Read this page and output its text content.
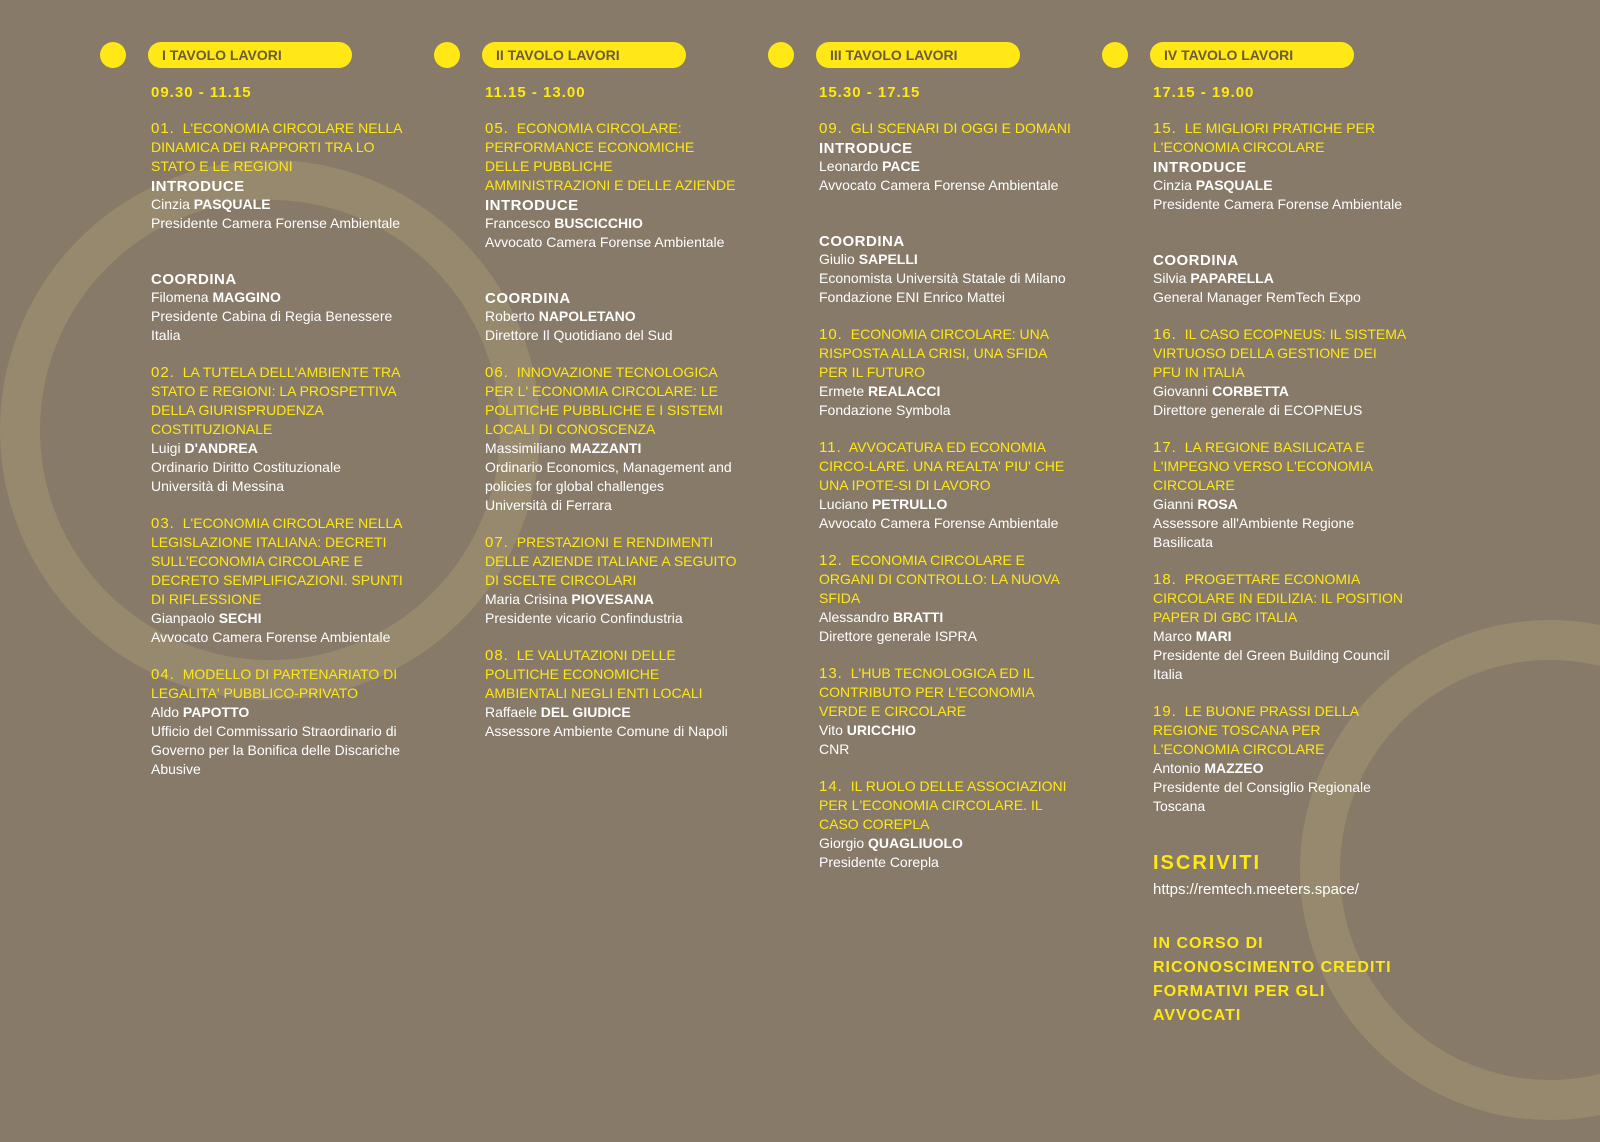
I TAVOLO LAVORI
09.30 - 11.15
01. L'ECONOMIA CIRCOLARE NELLA DINAMICA DEI RAPPORTI TRA LO STATO E LE REGIONI
INTRODUCE
Cinzia PASQUALE
Presidente Camera Forense Ambientale
COORDINA
Filomena MAGGINO
Presidente Cabina di Regia Benessere Italia
02. LA TUTELA DELL'AMBIENTE TRA STATO E REGIONI: LA PROSPETTIVA DELLA GIURISPRUDENZA COSTITUZIONALE
Luigi D'ANDREA
Ordinario Diritto Costituzionale
Università di Messina
03. L'ECONOMIA CIRCOLARE NELLA LEGISLAZIONE ITALIANA: DECRETI SULL'ECONOMIA CIRCOLARE E DECRETO SEMPLIFICAZIONI. SPUNTI DI RIFLESSIONE
Gianpaolo SECHI
Avvocato Camera Forense Ambientale
04. MODELLO DI PARTENARIATO DI LEGALITA' PUBBLICO-PRIVATO
Aldo PAPOTTO
Ufficio del Commissario Straordinario di Governo per la Bonifica delle Discariche Abusive
II TAVOLO LAVORI
11.15 - 13.00
05. ECONOMIA CIRCOLARE: PERFORMANCE ECONOMICHE DELLE PUBBLICHE AMMINISTRAZIONI E DELLE AZIENDE
INTRODUCE
Francesco BUSCICCHIO
Avvocato Camera Forense Ambientale
COORDINA
Roberto NAPOLETANO
Direttore Il Quotidiano del Sud
06. INNOVAZIONE TECNOLOGICA PER L' ECONOMIA CIRCOLARE: LE POLITICHE PUBBLICHE E I SISTEMI LOCALI DI CONOSCENZA
Massimiliano MAZZANTI
Ordinario Economics, Management and policies for global challenges
Università di Ferrara
07. PRESTAZIONI E RENDIMENTI DELLE AZIENDE ITALIANE A SEGUITO DI SCELTE CIRCOLARI
Maria Crisina PIOVESANA
Presidente vicario Confindustria
08. LE VALUTAZIONI DELLE POLITICHE ECONOMICHE AMBIENTALI NEGLI ENTI LOCALI
Raffaele DEL GIUDICE
Assessore Ambiente Comune di Napoli
III TAVOLO LAVORI
15.30 - 17.15
09. GLI SCENARI DI OGGI E DOMANI
INTRODUCE
Leonardo PACE
Avvocato Camera Forense Ambientale
COORDINA
Giulio SAPELLI
Economista Università Statale di Milano
Fondazione ENI Enrico Mattei
10. ECONOMIA CIRCOLARE: UNA RISPOSTA ALLA CRISI, UNA SFIDA PER IL FUTURO
Ermete REALACCI
Fondazione Symbola
11. AVVOCATURA ED ECONOMIA CIRCO-LARE. UNA REALTA' PIU' CHE UNA IPOTE-SI DI LAVORO
Luciano PETRULLO
Avvocato Camera Forense Ambientale
12. ECONOMIA CIRCOLARE E ORGANI DI CONTROLLO: LA NUOVA SFIDA
Alessandro BRATTI
Direttore generale ISPRA
13. L'HUB TECNOLOGICA ED IL CONTRIBUTO PER L'ECONOMIA VERDE E CIRCOLARE
Vito URICCHIO
CNR
14. IL RUOLO DELLE ASSOCIAZIONI PER L'ECONOMIA CIRCOLARE. IL CASO COREPLA
Giorgio QUAGLIUOLO
Presidente Corepla
IV TAVOLO LAVORI
17.15 - 19.00
15. LE MIGLIORI PRATICHE PER L'ECONOMIA CIRCOLARE
INTRODUCE
Cinzia PASQUALE
Presidente Camera Forense Ambientale
COORDINA
Silvia PAPARELLA
General Manager RemTech Expo
16. IL CASO ECOPNEUS: IL SISTEMA VIRTUOSO DELLA GESTIONE DEI PFU IN ITALIA
Giovanni CORBETTA
Direttore generale di ECOPNEUS
17. LA REGIONE BASILICATA E L'IMPEGNO VERSO L'ECONOMIA CIRCOLARE
Gianni ROSA
Assessore all'Ambiente Regione Basilicata
18. PROGETTARE ECONOMIA CIRCOLARE IN EDILIZIA: IL POSITION PAPER DI GBC ITALIA
Marco MARI
Presidente del Green Building Council Italia
19. LE BUONE PRASSI DELLA REGIONE TOSCANA PER L'ECONOMIA CIRCOLARE
Antonio MAZZEO
Presidente del Consiglio Regionale Toscana
ISCRIVITI
https://remtech.meeters.space/
IN CORSO DI RICONOSCIMENTO CREDITI FORMATIVI PER GLI AVVOCATI
